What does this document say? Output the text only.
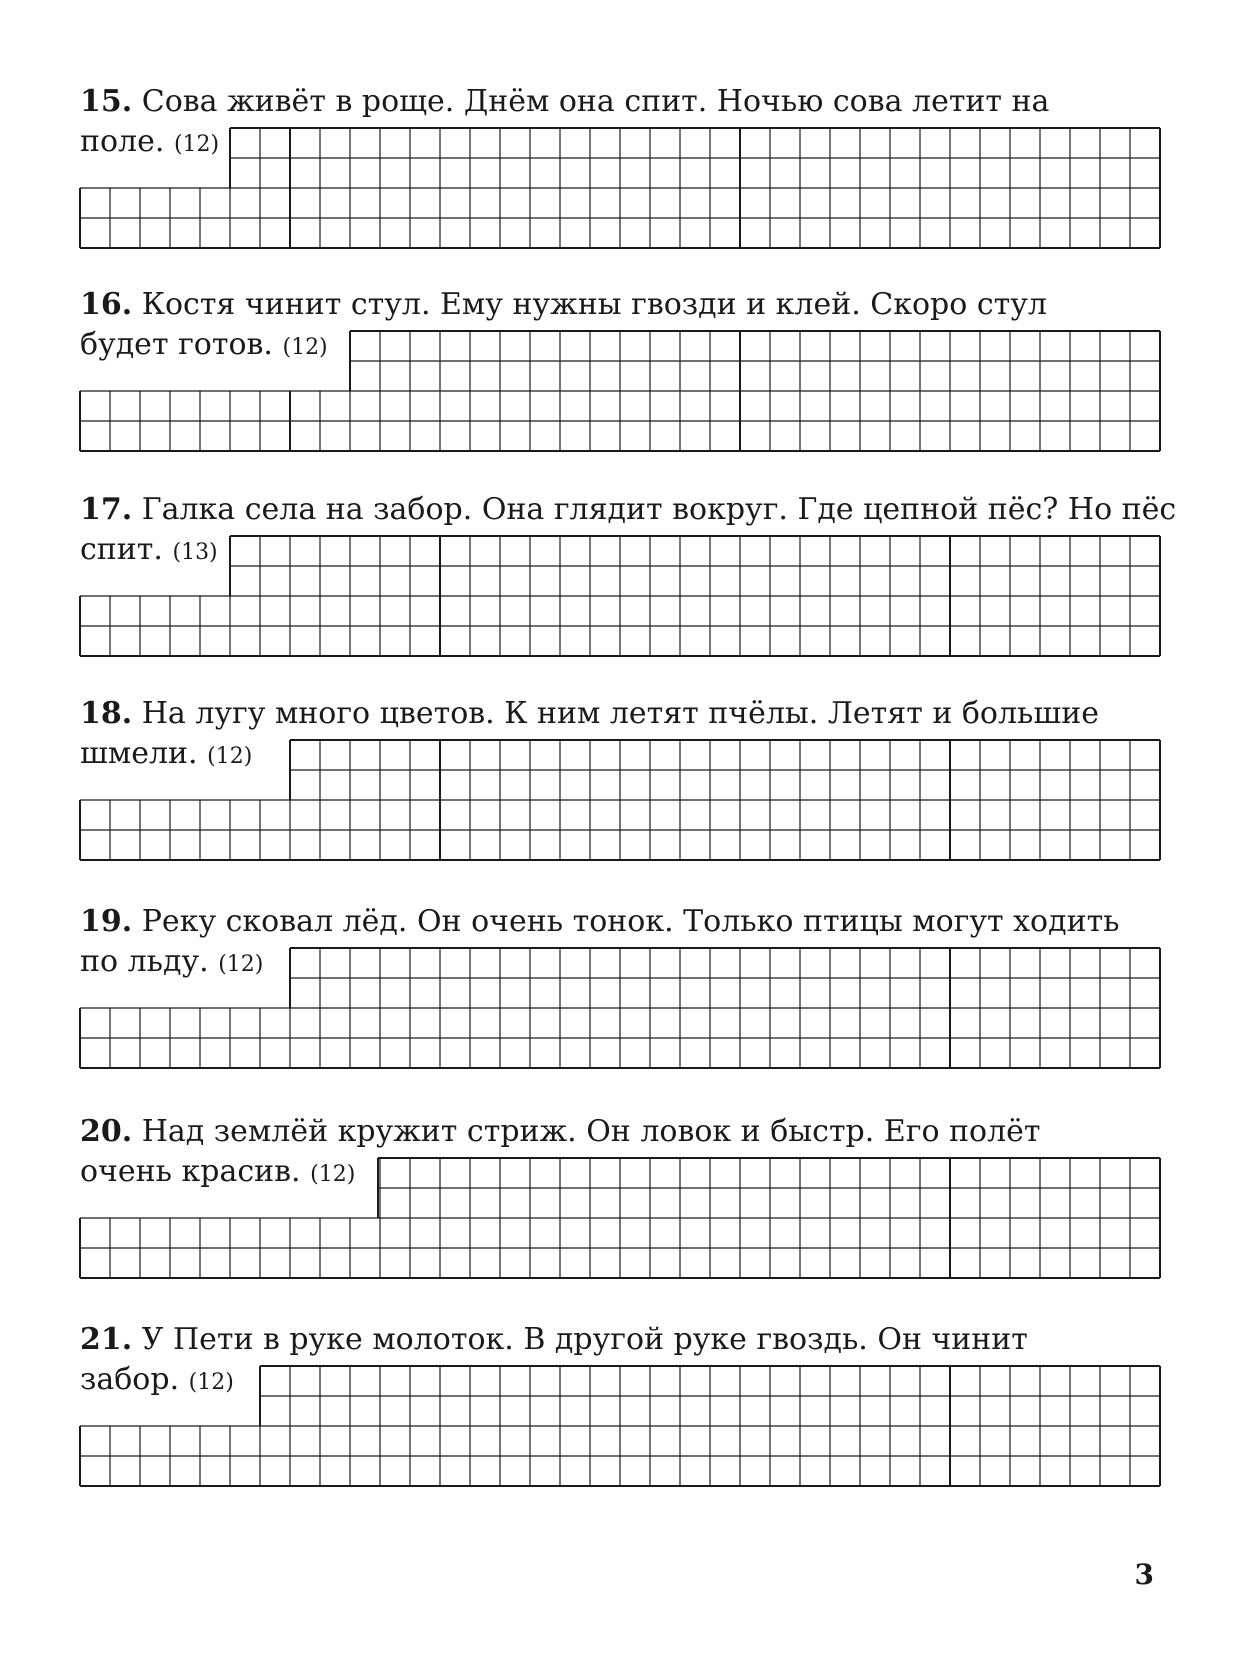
15. Сова живёт в роще. Днём она спит. Ночью сова летит на
поле. (12)
16. Костя чинит стул. Ему нужны гвозди и клей. Скоро стул
будет готов. (12)
17. Галка села на забор. Она глядит вокруг. Где цепной пёс? Но пёс
спит. (13)
18. На лугу много цветов. К ним летят пчёлы. Летят и большие
шмели. (12)
19. Реку сковал лёд. Он очень тонок. Только птицы могут ходить
по льду. (12)
20. Над землёй кружит стриж. Он ловок и быстр. Его полёт
очень красив. (12)
21. У Пети в руке молоток. В другой руке гвоздь. Он чинит
забор. (12)
3
